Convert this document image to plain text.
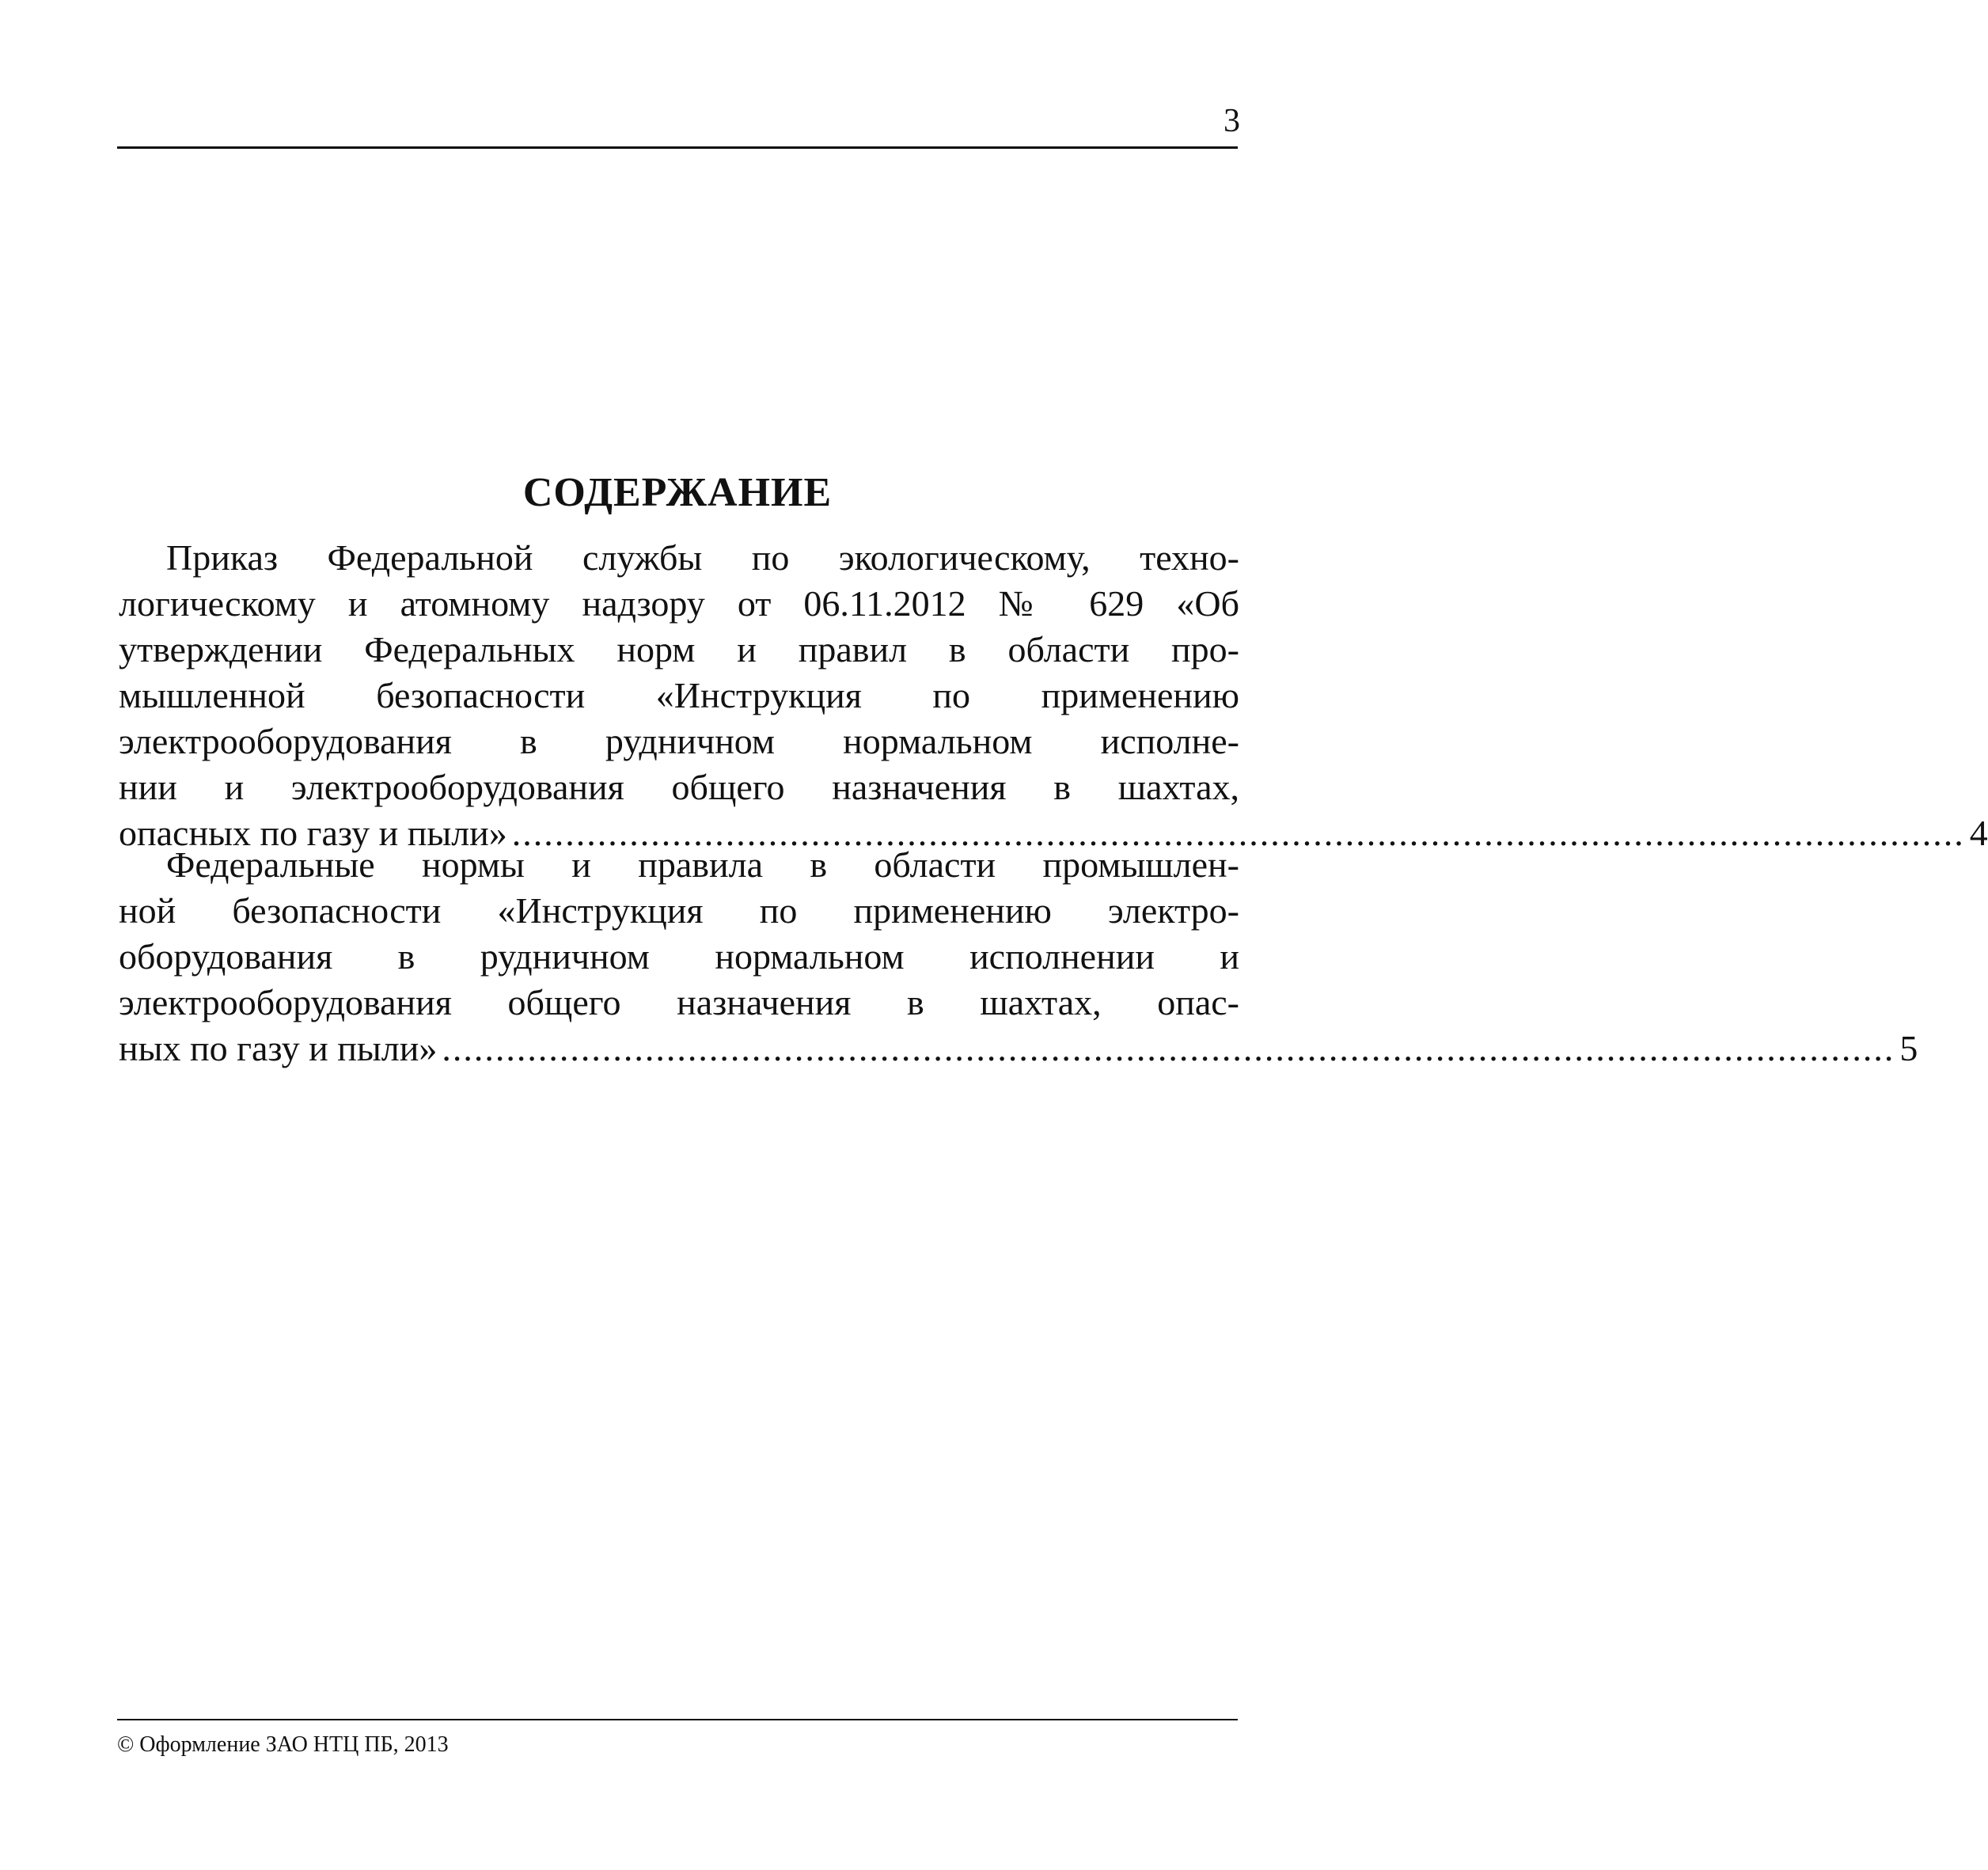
3
СОДЕРЖАНИЕ
Приказ Федеральной службы по экологическому, техно-
логическому и атомному надзору от 06.11.2012 № 629 «Об
утверждении Федеральных норм и правил в области про-
мышленной безопасности «Инструкция по применению
электрооборудования в рудничном нормальном исполне-
нии и электрооборудования общего назначения в шахтах,
опасных по газу и пыли» ........................................................................................................................................ 4
Федеральные нормы и правила в области промышлен-
ной безопасности «Инструкция по применению электро-
оборудования в рудничном нормальном исполнении и
электрооборудования общего назначения в шахтах, опас-
ных по газу и пыли» ........................................................................................................................................ 5
© Оформление ЗАО НТЦ ПБ, 2013
